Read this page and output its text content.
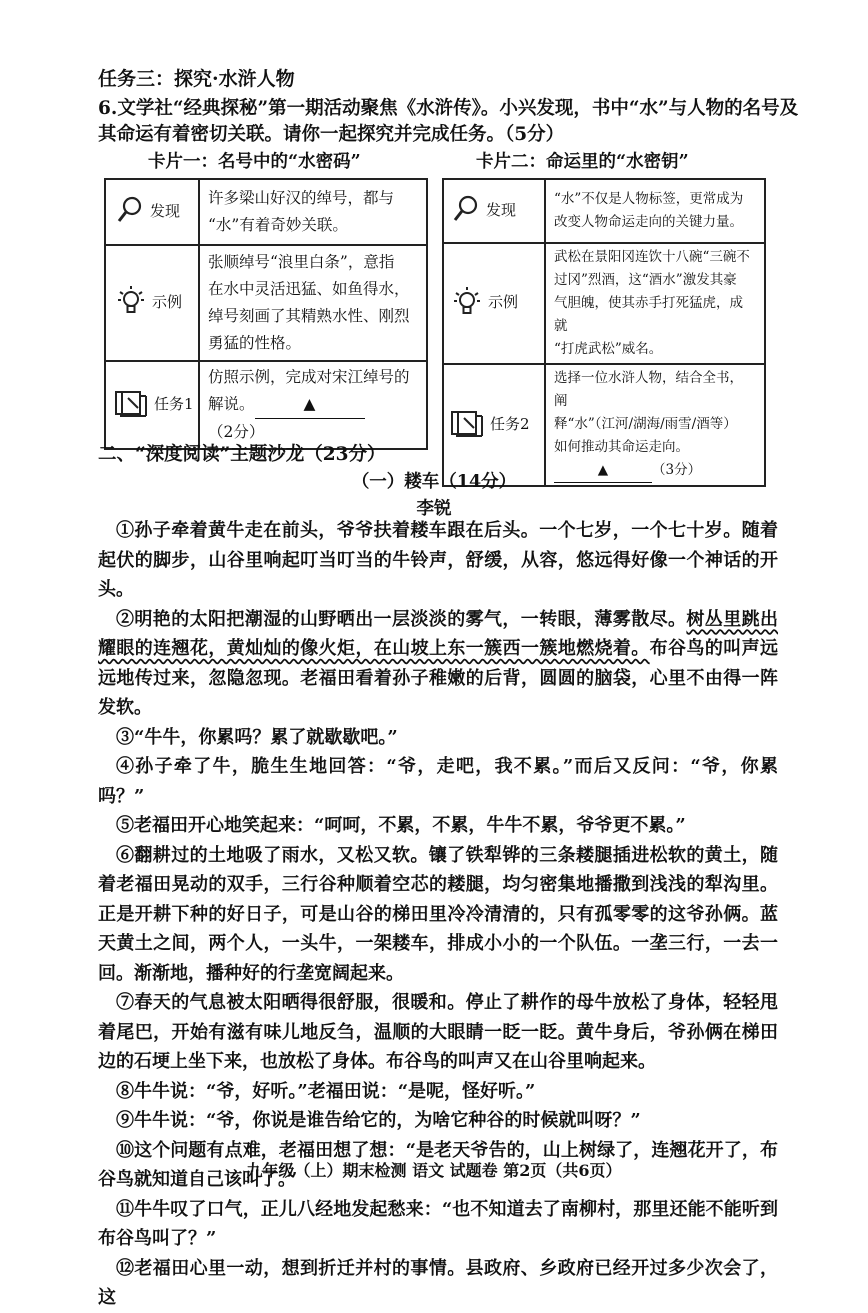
任务三：探究·水浒人物
6.文学社“经典探秘”第一期活动聚焦《水浒传》。小兴发现，书中“水”与人物的名号及
其命运有着密切关联。请你一起探究并完成任务。（5分）
卡片一：名号中的“水密码”	卡片二：命运里的“水密钥”
发现	许多梁山好汉的绰号，都与
“水”有着奇妙关联。

示例	张顺绰号“浪里白条”，意指
在水中灵活迅猛、如鱼得水，
绰号刻画了其精熟水性、刚烈
勇猛的性格。

任务1	仿照示例，完成对宋江绰号的
解说。 ▲（2分）
发现	“水”不仅是人物标签，更常成为
改变人物命运走向的关键力量。

示例	武松在景阳冈连饮十八碗“三碗不
过冈”烈酒，这“酒水”激发其豪
气胆魄，使其赤手打死猛虎，成就
“打虎武松”威名。

任务2	选择一位水浒人物，结合全书，阐
释“水”（江河/湖海/雨雪/酒等）
如何推动其命运走向。
▲ （3分）
二、“深度阅读”主题沙龙（23分）
（一）耧车（14分）
李锐

①孙子牵着黄牛走在前头，爷爷扶着耧车跟在后头。一个七岁，一个七十岁。随着起伏的脚步，山谷里响起叮当叮当的牛铃声，舒缓，从容，悠远得好像一个神话的开头。

②明艳的太阳把潮湿的山野晒出一层淡淡的雾气，一转眼，薄雾散尽。树丛里跳出耀眼的连翘花，黄灿灿的像火炬，在山坡上东一簇西一簇地燃烧着。布谷鸟的叫声远远地传过来，忽隐忽现。老福田看着孙子稚嫩的后背，圆圆的脑袋，心里不由得一阵发软。

③“牛牛，你累吗？累了就歇歇吧。”

④孙子牵了牛，脆生生地回答：“爷，走吧，我不累。”而后又反问：“爷，你累吗？”

⑤老福田开心地笑起来：“呵呵，不累，不累，牛牛不累，爷爷更不累。”

⑥翻耕过的土地吸了雨水，又松又软。镶了铁犁铧的三条耧腿插进松软的黄土，随着老福田晃动的双手，三行谷种顺着空芯的耧腿，均匀密集地播撒到浅浅的犁沟里。正是开耕下种的好日子，可是山谷的梯田里冷冷清清的，只有孤零零的这爷孙俩。蓝天黄土之间，两个人，一头牛，一架耧车，排成小小的一个队伍。一垄三行，一去一回。渐渐地，播种好的行垄宽阔起来。

⑦春天的气息被太阳晒得很舒服，很暖和。停止了耕作的母牛放松了身体，轻轻甩着尾巴，开始有滋有味儿地反刍，温顺的大眼睛一眨一眨。黄牛身后，爷孙俩在梯田边的石埂上坐下来，也放松了身体。布谷鸟的叫声又在山谷里响起来。

⑧牛牛说：“爷，好听。”老福田说：“是呢，怪好听。”

⑨牛牛说：“爷，你说是谁告给它的，为啥它种谷的时候就叫呀？”

⑩这个问题有点难，老福田想了想：“是老天爷告的，山上树绿了，连翘花开了，布谷鸟就知道自己该叫了。”

⑪牛牛叹了口气，正儿八经地发起愁来：“也不知道去了南柳村，那里还能不能听到布谷鸟叫了？”

⑫老福田心里一动，想到折迁并村的事情。县政府、乡政府已经开过多少次会了，这

九年级（上）期末检测 语文 试题卷 第2页（共6页）
